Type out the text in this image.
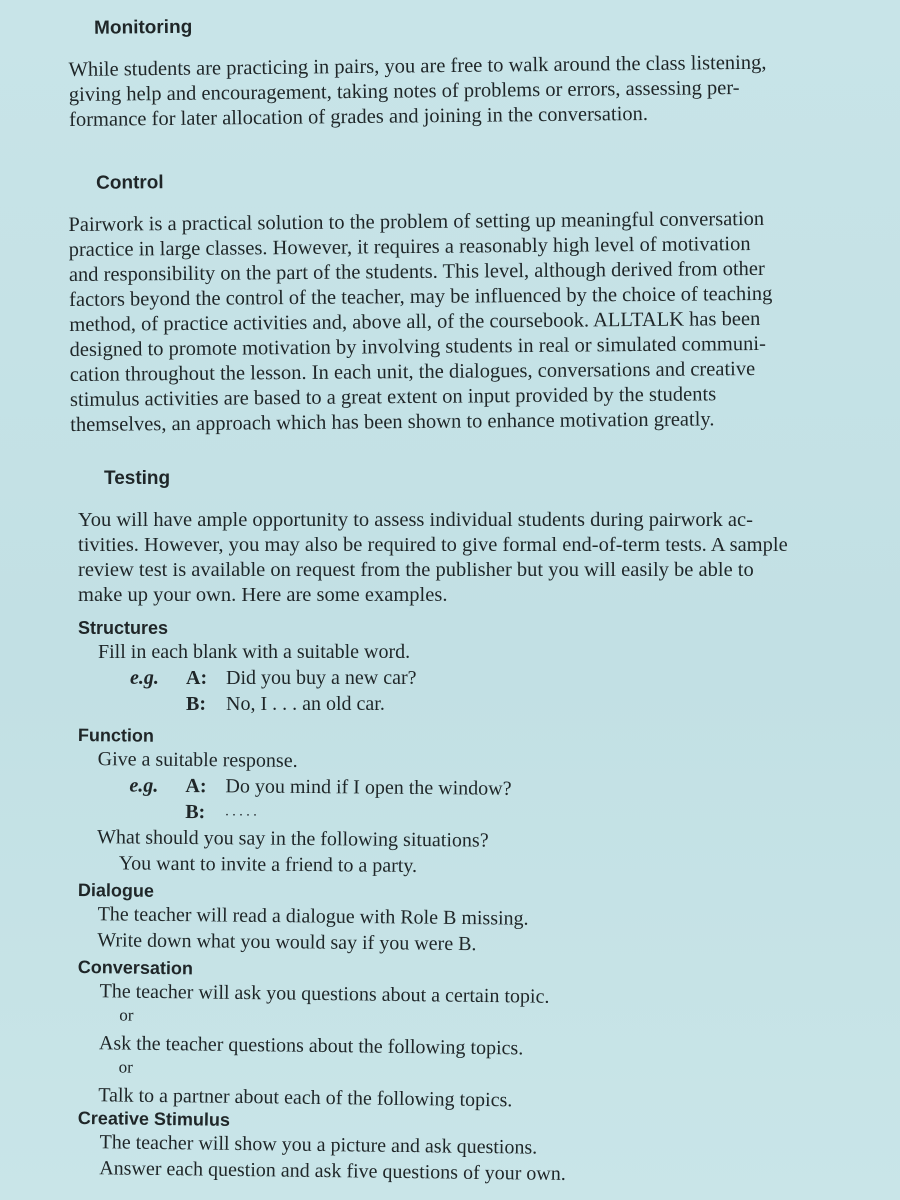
Monitoring

While students are practicing in pairs, you are free to walk around the class listening,
giving help and encouragement, taking notes of problems or errors, assessing per-
formance for later allocation of grades and joining in the conversation.

Control

Pairwork is a practical solution to the problem of setting up meaningful conversation
practice in large classes. However, it requires a reasonably high level of motivation
and responsibility on the part of the students. This level, although derived from other
factors beyond the control of the teacher, may be influenced by the choice of teaching
method, of practice activities and, above all, of the coursebook. ALLTALK has been
designed to promote motivation by involving students in real or simulated communi-
cation throughout the lesson. In each unit, the dialogues, conversations and creative
stimulus activities are based to a great extent on input provided by the students
themselves, an approach which has been shown to enhance motivation greatly.

Testing

You will have ample opportunity to assess individual students during pairwork ac-
tivities. However, you may also be required to give formal end-of-term tests. A sample
review test is available on request from the publisher but you will easily be able to
make up your own. Here are some examples.

Structures

Fill in each blank with a suitable word.

e.g.	A: Did you buy a new car?
B:	No, I . . . an old car.
Function

Give a suitable response.

e.g.	A: Do you mind if I open the window?
B:	. . . . .

What should you say in the following situations?

You want to invite a friend to a party.

Dialogue

The teacher will read a dialogue with Role B missing.

Write down what you would say if you were B.

Conversation

The teacher will ask you questions about a certain topic.

or

Ask the teacher questions about the following topics.

or

Talk to a partner about each of the following topics.

Creative Stimulus

The teacher will show you a picture and ask questions.

Answer each question and ask five questions of your own.
